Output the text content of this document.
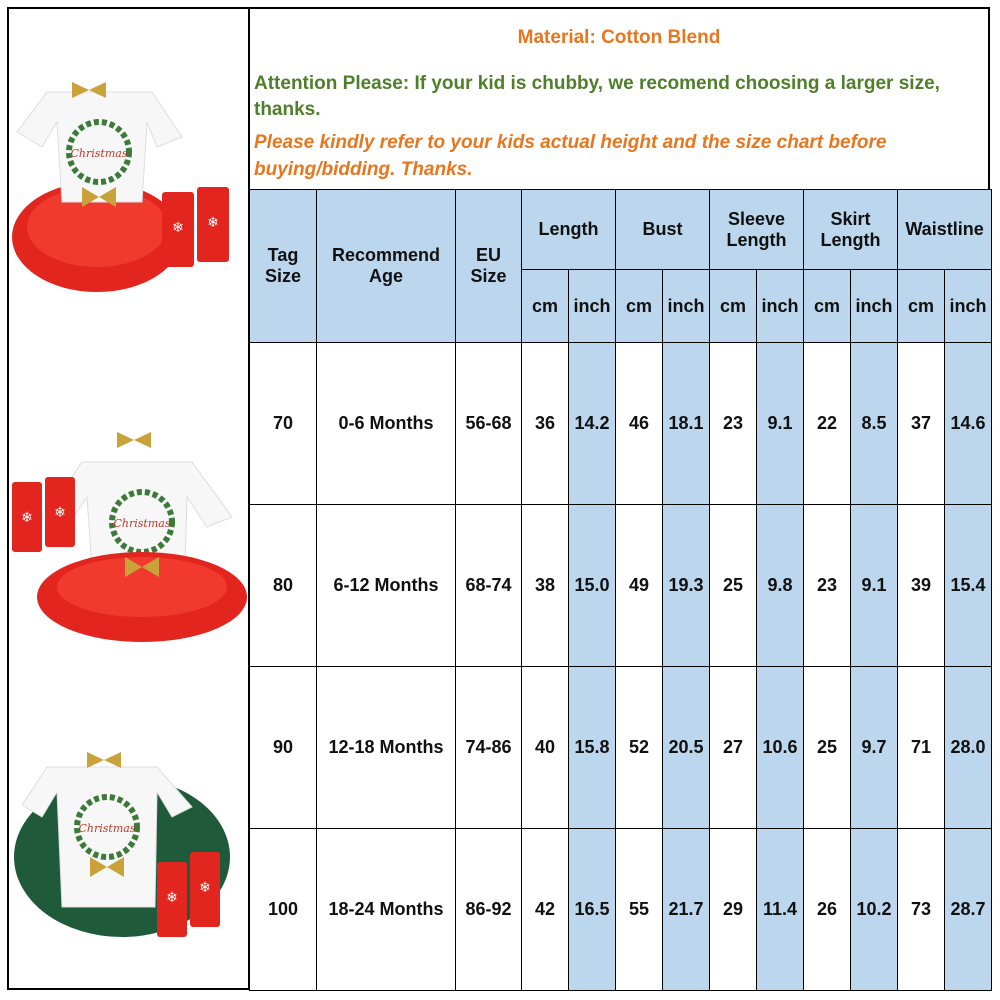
Christmas
❄ ❄
Christmas
❄ ❄
Christmas
❄
❄
Material: Cotton Blend
Attention Please: If your kid is chubby, we recomend choosing a larger size, thanks.
Please kindly refer to your kids actual height and the size chart before buying/bidding. Thanks.
Tag Size	Recommend Age	EU Size	Length		Bust		Sleeve Length		Skirt Length		Waistline	
			cm	inch	cm	inch	cm	inch	cm	inch	cm	inch
70	0-6 Months	56-68	36	14.2	46	18.1	23	9.1	22	8.5	37	14.6
80	6-12 Months	68-74	38	15.0	49	19.3	25	9.8	23	9.1	39	15.4
90	12-18 Months	74-86	40	15.8	52	20.5	27	10.6	25	9.7	71	28.0
100	18-24 Months	86-92	42	16.5	55	21.7	29	11.4	26	10.2	73	28.7
